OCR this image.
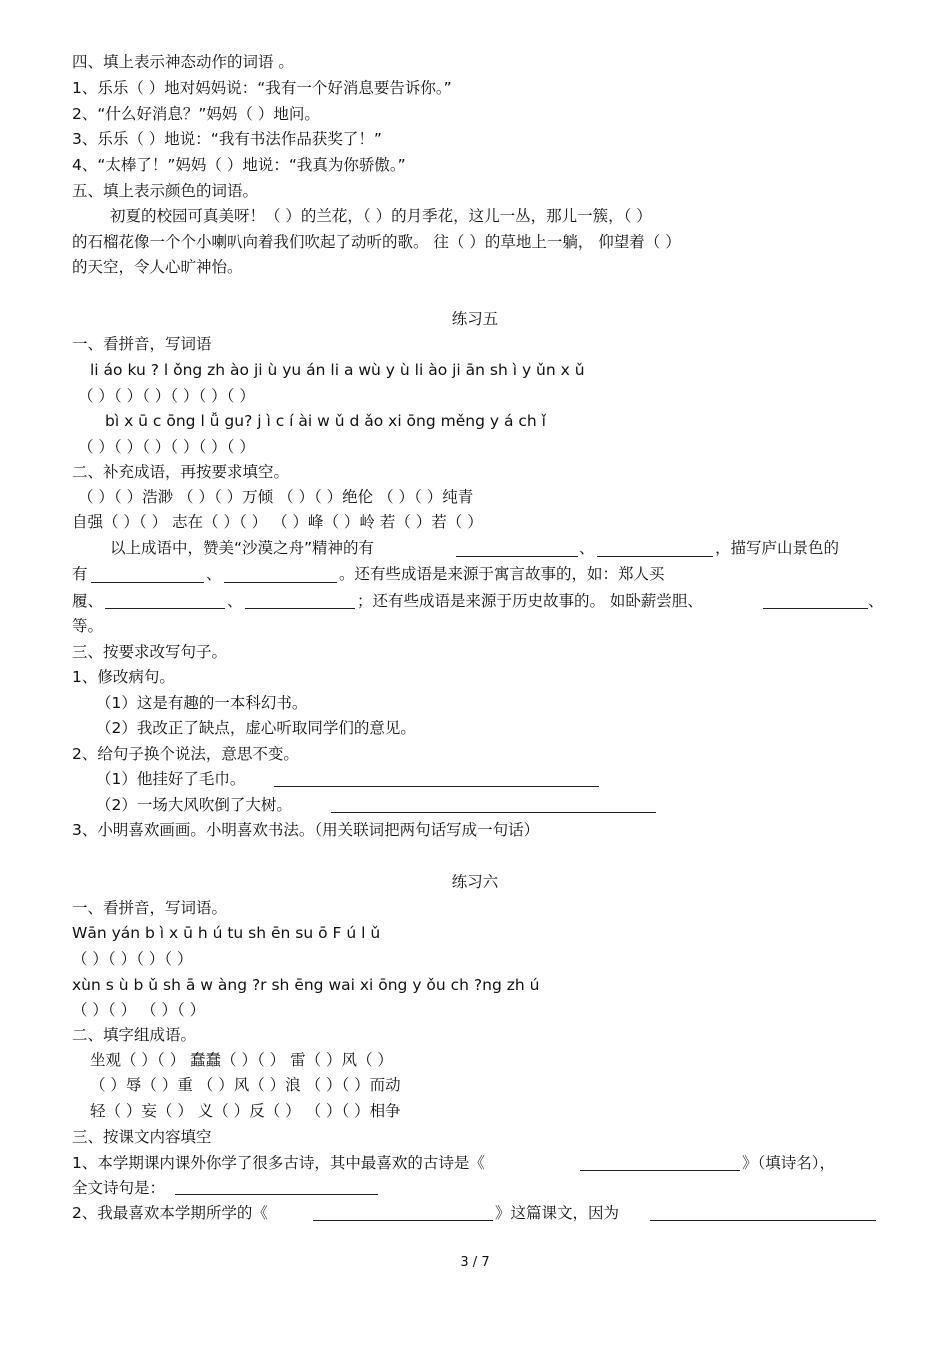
四、填上表示神态动作的词语 。
1、乐乐（ ）地对妈妈说：“我有一个好消息要告诉你。”
2、“什么好消息？”妈妈（ ）地问。
3、乐乐（ ）地说：“我有书法作品获奖了！”
4、“太棒了！”妈妈（ ）地说：“我真为你骄傲。”
五、填上表示颜色的词语。
初夏的校园可真美呀！（ ）的兰花，（ ）的月季花，这儿一丛，那儿一簇，（ ）
的石榴花像一个个小喇叭向着我们吹起了动听的歌。 往（ ）的草地上一躺， 仰望着（ ）
的天空，令人心旷神怡。
练习五
一、看拼音，写词语
li áo ku ? l ǒng zh ào ji ù yu án li a wù y ù li ào ji ān sh ì y ǔn x ǔ
（ ）（ ）（ ）（ ）（ ）（ ）
bì x ū c ōng l ǚ gu? j ì c í ài w ǔ d ǎo xi ōng měng y á ch ǐ
（ ）（ ）（ ）（ ）（ ）（ ）
二、补充成语，再按要求填空。
（ ）（ ）浩渺 （ ）（ ）万倾 （ ）（ ）绝伦 （ ）（ ）纯青
自强（ ）（ ） 志在（ ）（ ） （ ）峰（ ）岭 若（ ）若（ ）
以上成语中，赞美“沙漠之舟”精神的有	、	，描写庐山景色的
有	、	。还有些成语是来源于寓言故事的，如：郑人买
履、	、	；还有些成语是来源于历史故事的。 如卧薪尝胆、	、
等。
三、按要求改写句子。
1、修改病句。
（1）这是有趣的一本科幻书。
（2）我改正了缺点，虚心听取同学们的意见。
2、给句子换个说法，意思不变。
（1）他挂好了毛巾。
（2）一场大风吹倒了大树。
3、小明喜欢画画。小明喜欢书法。（用关联词把两句话写成一句话）
练习六
一、看拼音，写词语。
Wān yán b ì x ū h ú tu sh ēn su ō F ú l ǔ
（ ）（ ）（ ）（ ）
xùn s ù b ǔ sh ā w àng ?r sh ēng wai xi ōng y ǒu ch ?ng zh ú
（ ）（ ） （ ）（ ）
二、填字组成语。
坐观（ ）（ ） 蠢蠢（ ）（ ） 雷（ ）风（ ）
（ ）辱（ ）重 （ ）风（ ）浪 （ ）（ ）而动
轻（ ）妄（ ） 义（ ）反（ ） （ ）（ ）相争
三、按课文内容填空
1、本学期课内课外你学了很多古诗，其中最喜欢的古诗是《	》（填诗名），
全文诗句是：
2、我最喜欢本学期所学的《	》这篇课文，因为
3 / 7
